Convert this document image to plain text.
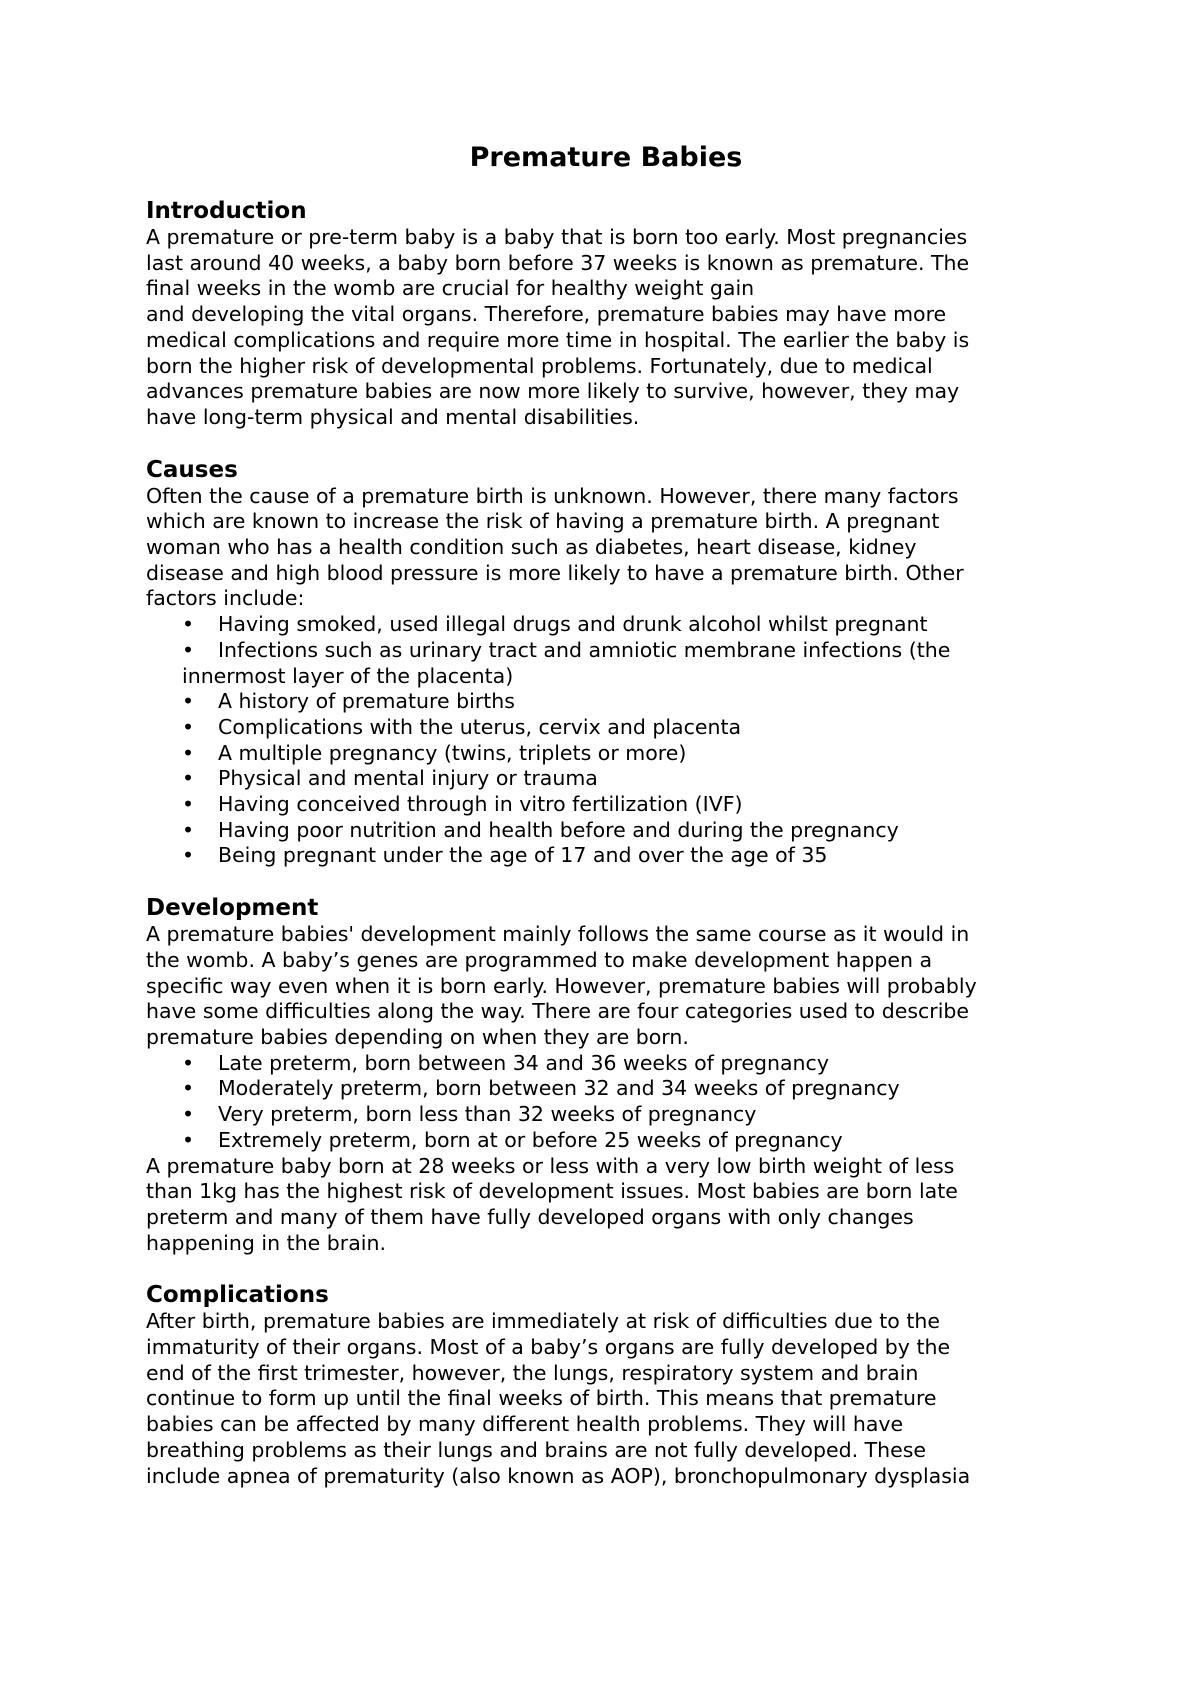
Premature Babies
Introduction

A premature or pre-term baby is a baby that is born too early. Most pregnancies
last around 40 weeks, a baby born before 37 weeks is known as premature. The
final weeks in the womb are crucial for healthy weight gain
and developing the vital organs. Therefore, premature babies may have more
medical complications and require more time in hospital. The earlier the baby is
born the higher risk of developmental problems. Fortunately, due to medical
advances premature babies are now more likely to survive, however, they may
have long-term physical and mental disabilities.

Causes

Often the cause of a premature birth is unknown. However, there many factors
which are known to increase the risk of having a premature birth. A pregnant
woman who has a health condition such as diabetes, heart disease, kidney
disease and high blood pressure is more likely to have a premature birth. Other
factors include:

• Having smoked, used illegal drugs and drunk alcohol whilst pregnant
• Infections such as urinary tract and amniotic membrane infections (the
innermost layer of the placenta)
• A history of premature births
• Complications with the uterus, cervix and placenta
• A multiple pregnancy (twins, triplets or more)
• Physical and mental injury or trauma
• Having conceived through in vitro fertilization (IVF)
• Having poor nutrition and health before and during the pregnancy
• Being pregnant under the age of 17 and over the age of 35
Development

A premature babies' development mainly follows the same course as it would in
the womb. A baby’s genes are programmed to make development happen a
specific way even when it is born early. However, premature babies will probably
have some difficulties along the way. There are four categories used to describe
premature babies depending on when they are born.

• Late preterm, born between 34 and 36 weeks of pregnancy
• Moderately preterm, born between 32 and 34 weeks of pregnancy
• Very preterm, born less than 32 weeks of pregnancy
• Extremely preterm, born at or before 25 weeks of pregnancy

A premature baby born at 28 weeks or less with a very low birth weight of less
than 1kg has the highest risk of development issues. Most babies are born late
preterm and many of them have fully developed organs with only changes
happening in the brain.

Complications

After birth, premature babies are immediately at risk of difficulties due to the
immaturity of their organs. Most of a baby’s organs are fully developed by the
end of the first trimester, however, the lungs, respiratory system and brain
continue to form up until the final weeks of birth. This means that premature
babies can be affected by many different health problems. They will have
breathing problems as their lungs and brains are not fully developed. These
include apnea of prematurity (also known as AOP), bronchopulmonary dysplasia
